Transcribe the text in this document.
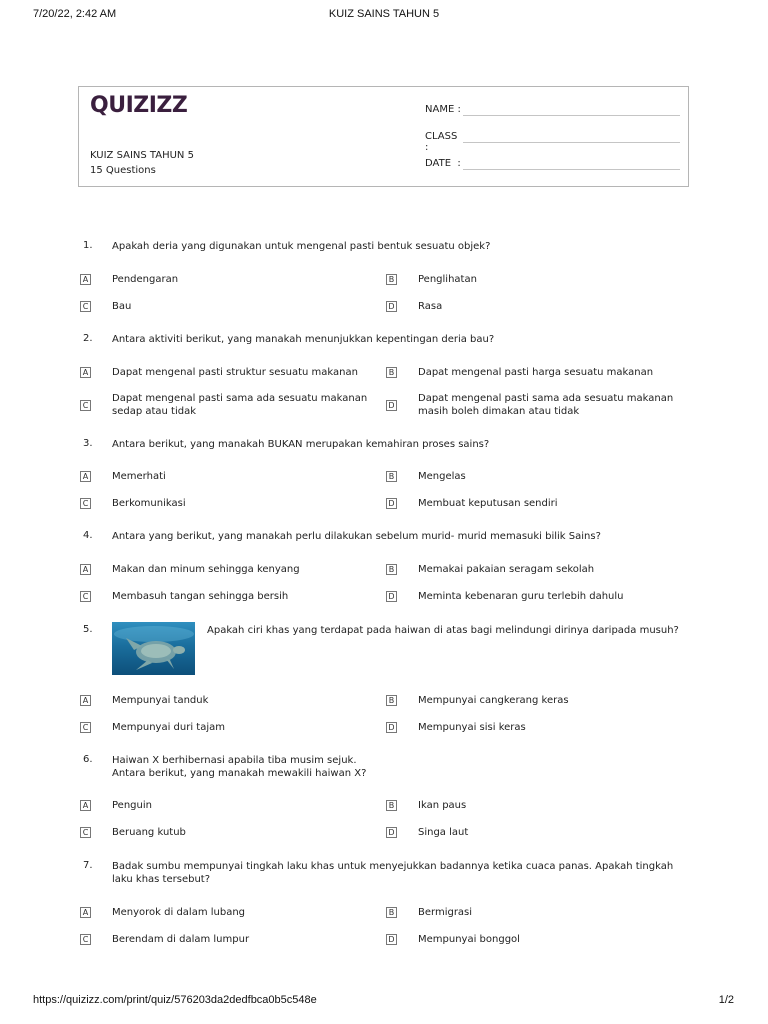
7/20/22, 2:42 AM	KUIZ SAINS TAHUN 5
QUIZIZZ
KUIZ SAINS TAHUN 5
15 Questions
NAME :
CLASS :
DATE  :
1. Apakah deria yang digunakan untuk mengenal pasti bentuk sesuatu objek?
A Pendengaran	B Penglihatan
C Bau	D Rasa
2. Antara aktiviti berikut, yang manakah menunjukkan kepentingan deria bau?
A Dapat mengenal pasti struktur sesuatu makanan	B Dapat mengenal pasti harga sesuatu makanan
C
Dapat mengenal pasti sama ada sesuatu makanan sedap atau tidak
D
Dapat mengenal pasti sama ada sesuatu makanan masih boleh dimakan atau tidak
3. Antara berikut, yang manakah BUKAN merupakan kemahiran proses sains?
A Memerhati	B Mengelas
C Berkomunikasi	D Membuat keputusan sendiri
4. Antara yang berikut, yang manakah perlu dilakukan sebelum murid- murid memasuki bilik Sains?
A Makan dan minum sehingga kenyang	B Memakai pakaian seragam sekolah
C Membasuh tangan sehingga bersih	D Meminta kebenaran guru terlebih dahulu
5.	Apakah ciri khas yang terdapat pada haiwan di atas bagi melindungi dirinya daripada musuh?
A Mempunyai tanduk	B Mempunyai cangkerang keras
C Mempunyai duri tajam	D Mempunyai sisi keras
6. Haiwan X berhibernasi apabila tiba musim sejuk.
Antara berikut, yang manakah mewakili haiwan X?
A Penguin	B Ikan paus
C Beruang kutub	D Singa laut
7. Badak sumbu mempunyai tingkah laku khas untuk menyejukkan badannya ketika cuaca panas. Apakah tingkah laku khas tersebut?
A Menyorok di dalam lubang	B Bermigrasi
C Berendam di dalam lumpur	D Mempunyai bonggol
https://quizizz.com/print/quiz/576203da2dedfbca0b5c548e	1/2
